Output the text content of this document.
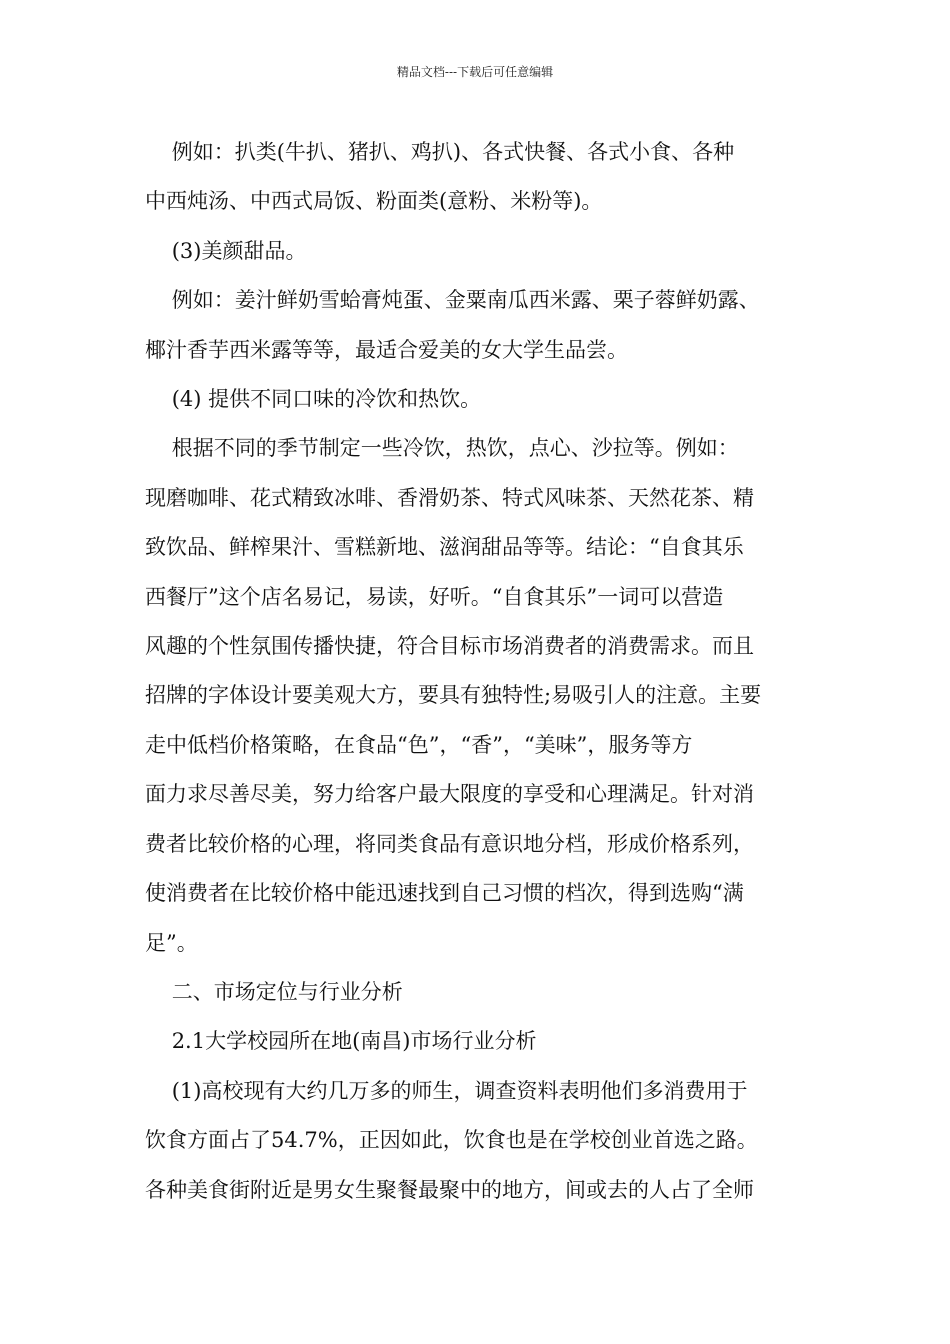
精品文档---下载后可任意编辑

例如：扒类(牛扒、猪扒、鸡扒)、各式快餐、各式小食、各种

中西炖汤、中西式局饭、粉面类(意粉、米粉等)。

(3)美颜甜品。

例如：姜汁鲜奶雪蛤膏炖蛋、金粟南瓜西米露、栗子蓉鲜奶露、

椰汁香芋西米露等等，最适合爱美的女大学生品尝。

(4) 提供不同口味的冷饮和热饮。

根据不同的季节制定一些冷饮，热饮，点心、沙拉等。例如：

现磨咖啡、花式精致冰啡、香滑奶茶、特式风味茶、天然花茶、精

致饮品、鲜榨果汁、雪糕新地、滋润甜品等等。结论：“自食其乐

西餐厅”这个店名易记，易读，好听。“自食其乐”一词可以营造

风趣的个性氛围传播快捷，符合目标市场消费者的消费需求。而且

招牌的字体设计要美观大方，要具有独特性;易吸引人的注意。主要

走中低档价格策略，在食品“色”，“香”，“美味”，服务等方

面力求尽善尽美，努力给客户最大限度的享受和心理满足。针对消

费者比较价格的心理，将同类食品有意识地分档，形成价格系列，

使消费者在比较价格中能迅速找到自己习惯的档次，得到选购“满

足”。

二、市场定位与行业分析

2.1大学校园所在地(南昌)市场行业分析

(1)高校现有大约几万多的师生，调查资料表明他们多消费用于

饮食方面占了54.7%，正因如此，饮食也是在学校创业首选之路。

各种美食街附近是男女生聚餐最聚中的地方，间或去的人占了全师
